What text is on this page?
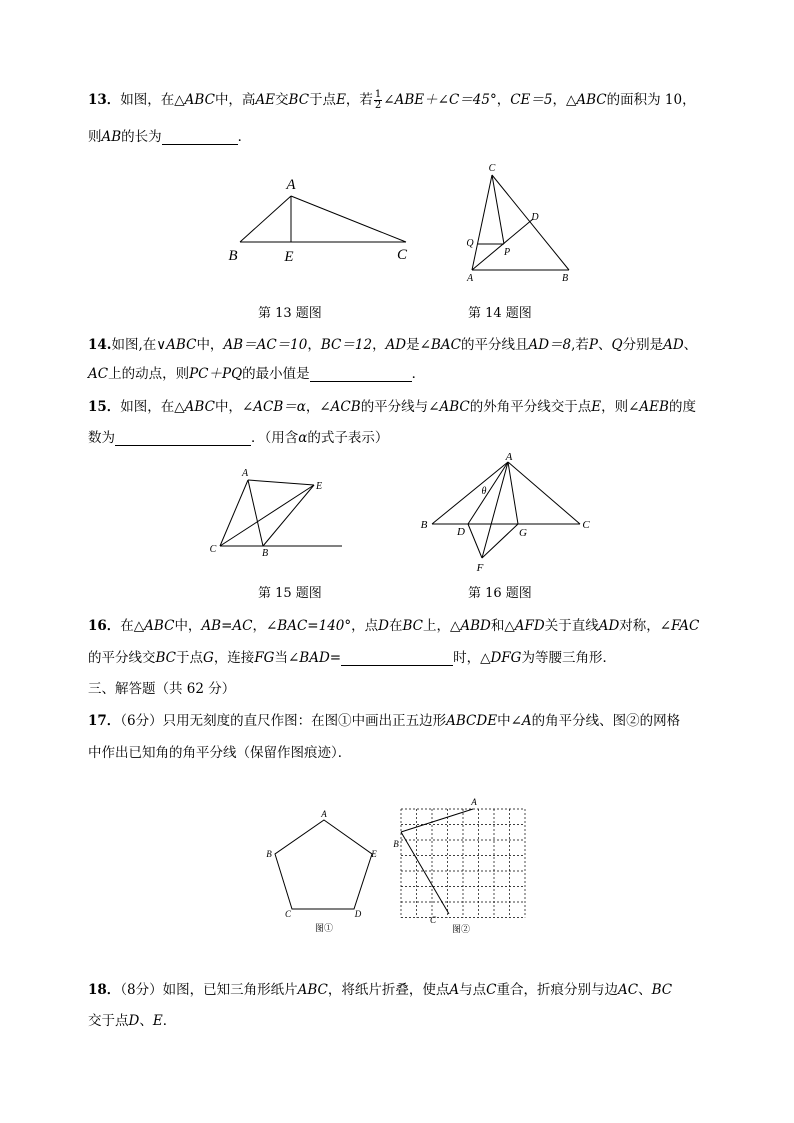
13．如图，在△ABC中，高AE交BC于点E，若 $\frac{1}{2}$ ∠ABE＋∠C＝45°，CE＝5，△ABC的面积为 10，
则AB的长为	．
A
B	E	C
第 13 题图
C
D
Q
P
A	B
第 14 题图
14.如图,在∨ABC中，AB＝AC＝10，BC＝12，AD是∠BAC的平分线且AD＝8,若P、Q分别是AD、
AC上的动点，则PC＋PQ的最小值是	．
15．如图，在△ABC中，∠ACB＝α，∠ACB的平分线与∠ABC的外角平分线交于点E，则∠AEB的度
数为	．（用含α的式子表示）
A
E
C	B
第 15 题图
A
θ
B
D	G
C
F
第 16 题图
16．在△ABC中，AB=AC，∠BAC=140°，点D在BC上，△ABD和△AFD关于直线AD对称，∠FAC
的平分线交BC于点G，连接FG当∠BAD=	时，△DFG为等腰三角形．
三、解答题（共 62 分）
17．（6分）只用无刻度的直尺作图：在图①中画出正五边形ABCDE中∠A的角平分线、图②的网格
中作出已知角的角平分线（保留作图痕迹）．
A
B	E
C	D
图①
A
B
C
图②
18．（8分）如图，已知三角形纸片ABC，将纸片折叠，使点A与点C重合，折痕分别与边AC、BC
交于点D、E．
